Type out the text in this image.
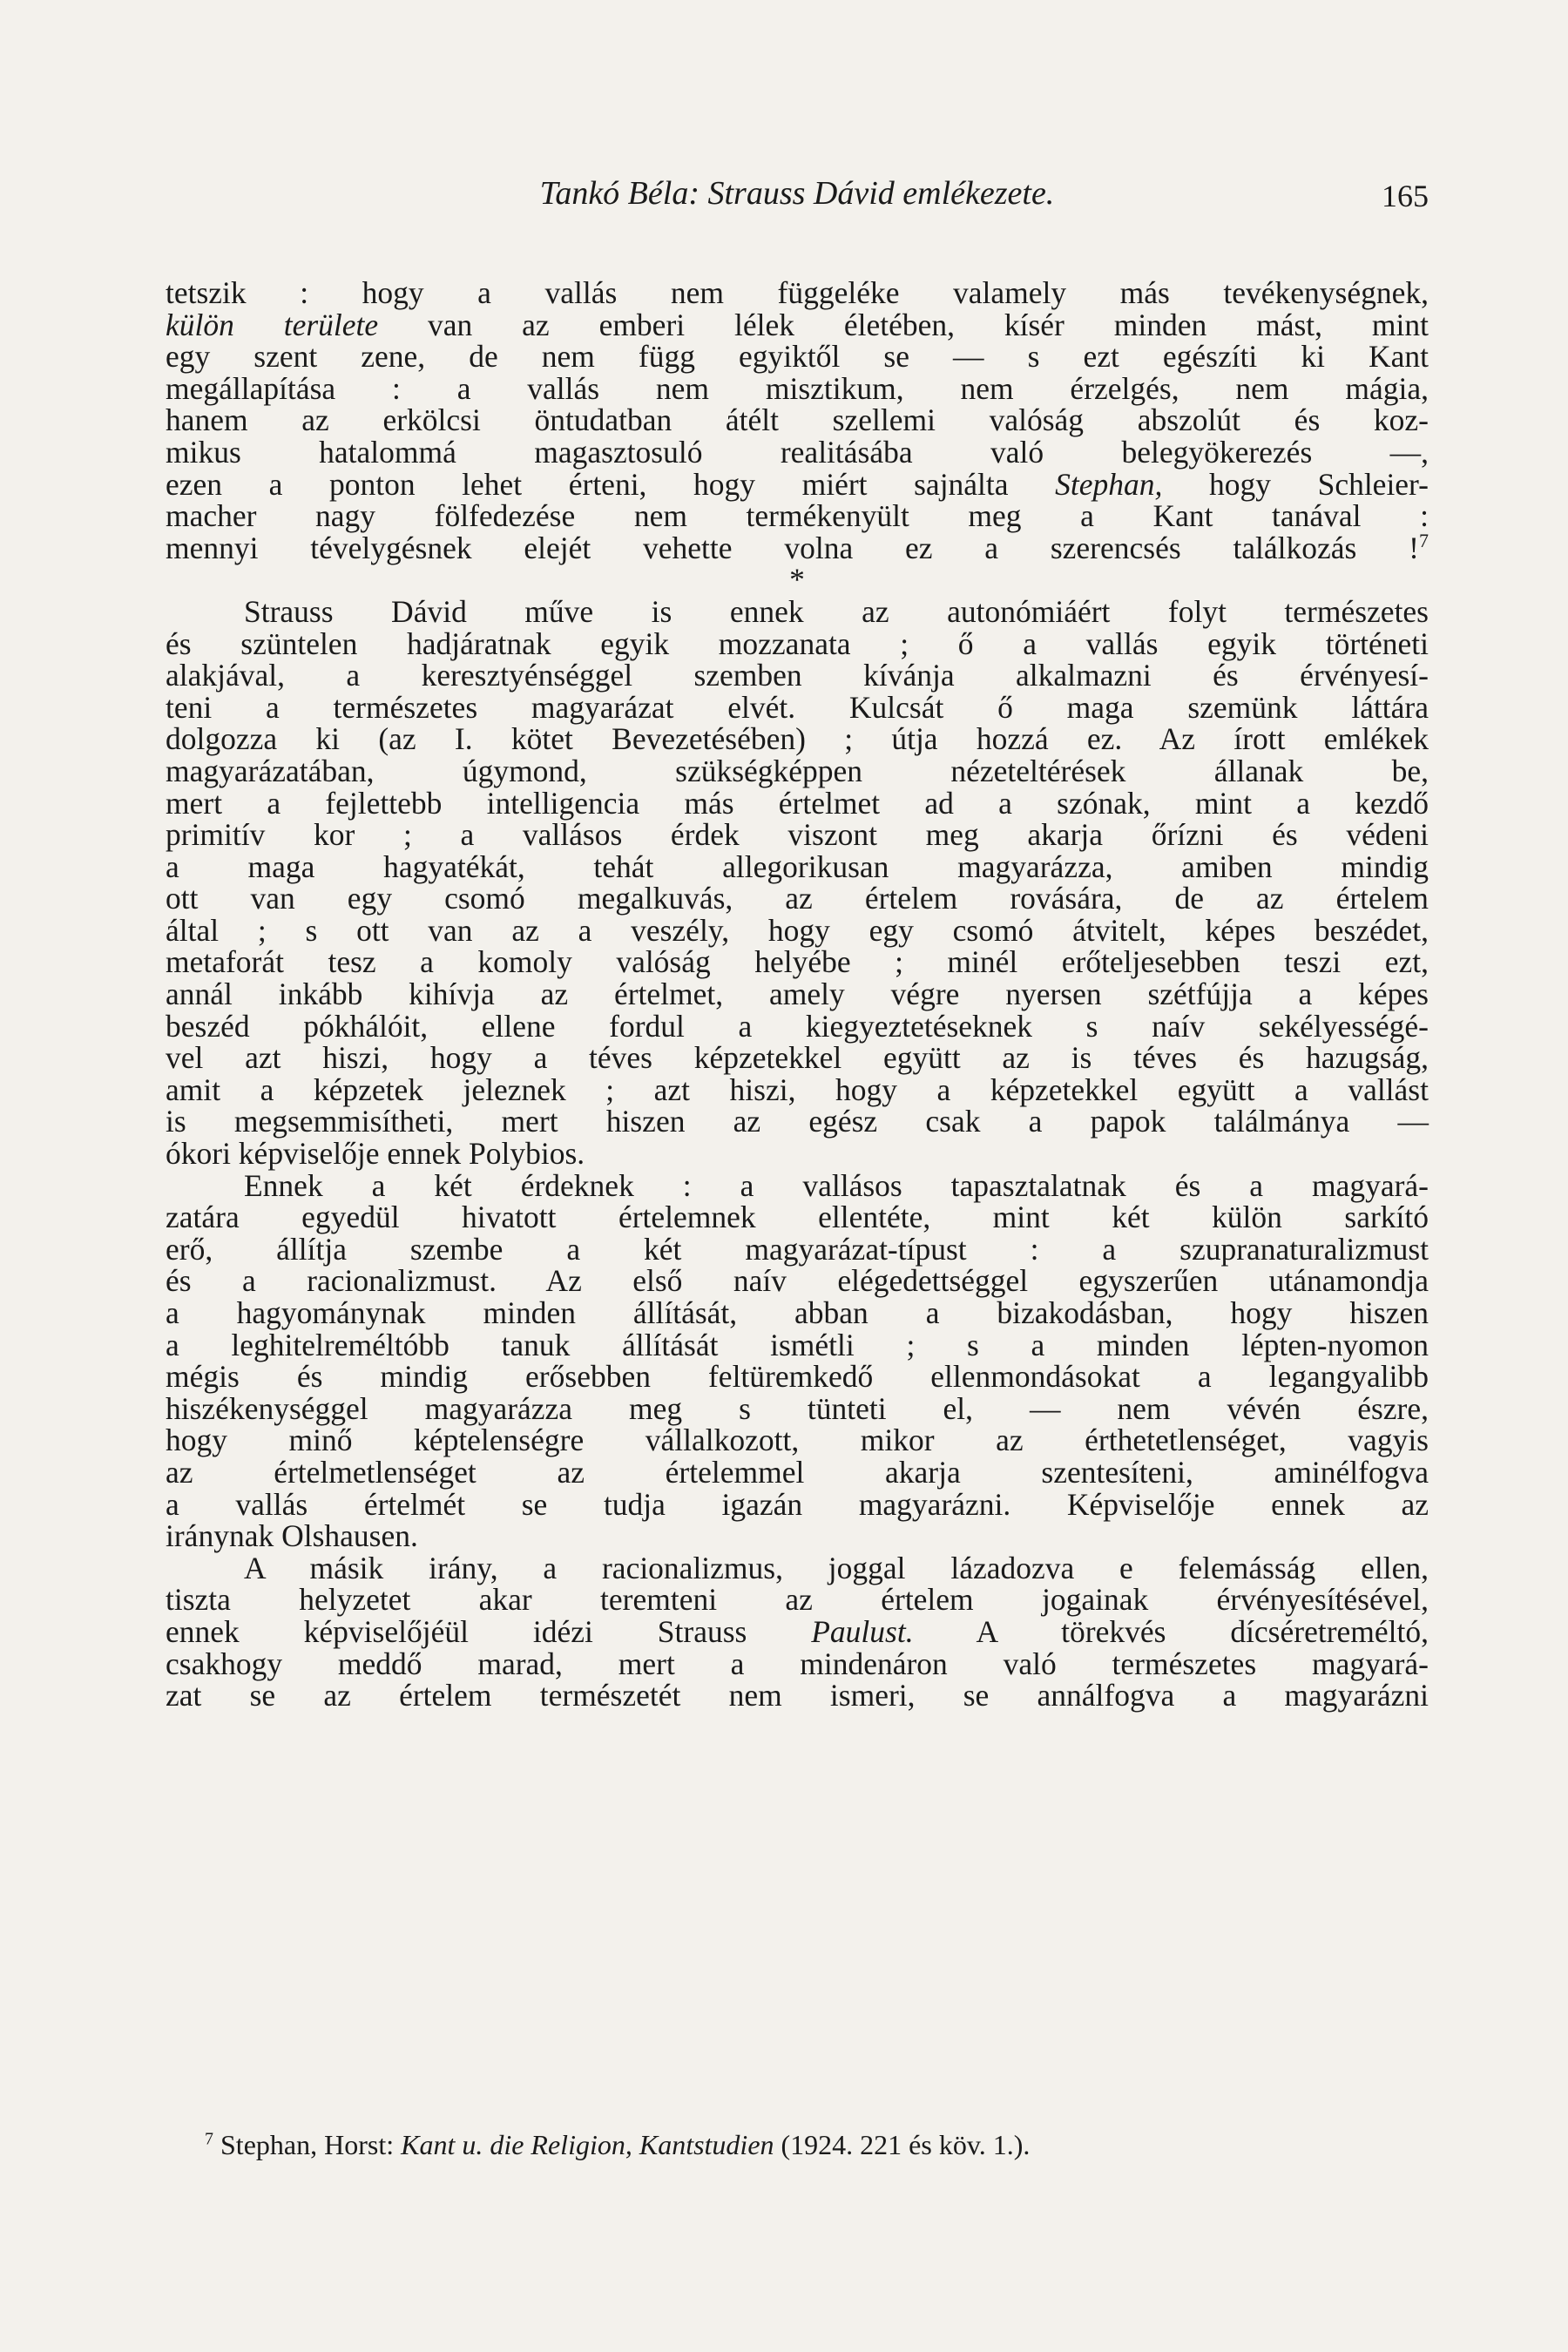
Tankó Béla: Strauss Dávid emlékezete.	165
tetszik : hogy a vallás nem függeléke valamely más tevékenységnek,
külön területe van az emberi lélek életében, kísér minden mást, mint
egy szent zene, de nem függ egyiktől se — s ezt egészíti ki Kant
megállapítása : a vallás nem misztikum, nem érzelgés, nem mágia,
hanem az erkölcsi öntudatban átélt szellemi valóság abszolút és koz-
mikus hatalommá magasztosuló realitásába való belegyökerezés —,
ezen a ponton lehet érteni, hogy miért sajnálta Stephan, hogy Schleier-
macher nagy fölfedezése nem termékenyült meg a Kant tanával :
mennyi tévelygésnek elejét vehette volna ez a szerencsés találkozás !$^7$
*
Strauss Dávid műve is ennek az autonómiáért folyt természetes
és szüntelen hadjáratnak egyik mozzanata ; ő a vallás egyik történeti
alakjával, a keresztyénséggel szemben kívánja alkalmazni és érvényesí-
teni a természetes magyarázat elvét. Kulcsát ő maga szemünk láttára
dolgozza ki (az I. kötet Bevezetésében) ; útja hozzá ez. Az írott emlékek
magyarázatában, úgymond, szükségképpen nézeteltérések állanak be,
mert a fejlettebb intelligencia más értelmet ad a szónak, mint a kezdő
primitív kor ; a vallásos érdek viszont meg akarja őrízni és védeni
a maga hagyatékát, tehát allegorikusan magyarázza, amiben mindig
ott van egy csomó megalkuvás, az értelem rovására, de az értelem
által ; s ott van az a veszély, hogy egy csomó átvitelt, képes beszédet,
metaforát tesz a komoly valóság helyébe ; minél erőteljesebben teszi ezt,
annál inkább kihívja az értelmet, amely végre nyersen szétfújja a képes
beszéd pókhálóit, ellene fordul a kiegyeztetéseknek s naív sekélyességé-
vel azt hiszi, hogy a téves képzetekkel együtt az is téves és hazugság,
amit a képzetek jeleznek ; azt hiszi, hogy a képzetekkel együtt a vallást
is megsemmisítheti, mert hiszen az egész csak a papok találmánya —
ókori képviselője ennek Polybios.
Ennek a két érdeknek : a vallásos tapasztalatnak és a magyará-
zatára egyedül hivatott értelemnek ellentéte, mint két külön sarkító
erő, állítja szembe a két magyarázat-típust : a szupranaturalizmust
és a racionalizmust. Az első naív elégedettséggel egyszerűen utánamondja
a hagyománynak minden állítását, abban a bizakodásban, hogy hiszen
a leghitelreméltóbb tanuk állítását ismétli ; s a minden lépten-nyomon
mégis és mindig erősebben feltüremkedő ellenmondásokat a legangyalibb
hiszékenységgel magyarázza meg s tünteti el, — nem vévén észre,
hogy minő képtelenségre vállalkozott, mikor az érthetetlenséget, vagyis
az értelmetlenséget az értelemmel akarja szentesíteni, aminélfogva
a vallás értelmét se tudja igazán magyarázni. Képviselője ennek az
iránynak Olshausen.
A másik irány, a racionalizmus, joggal lázadozva e felemásság ellen,
tiszta helyzetet akar teremteni az értelem jogainak érvényesítésével,
ennek képviselőjéül idézi Strauss Paulust. A törekvés dícséretreméltó,
csakhogy meddő marad, mert a mindenáron való természetes magyará-
zat se az értelem természetét nem ismeri, se annálfogva a magyarázni
$^7$ Stephan, Horst: Kant u. die Religion, Kantstudien (1924. 221 és köv. 1.).
